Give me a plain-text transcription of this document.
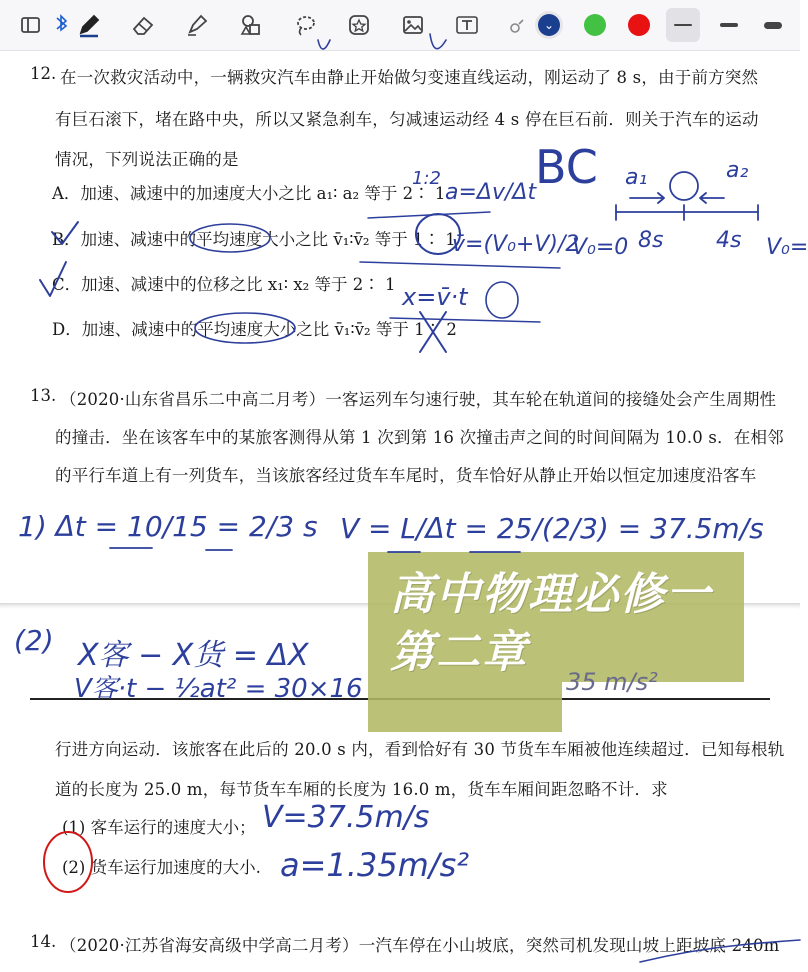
⌄
12. 在一次救灾活动中，一辆救灾汽车由静止开始做匀变速直线运动，刚运动了 8 s，由于前方突然
有巨石滚下，堵在路中央，所以又紧急刹车，匀减速运动经 4 s 停在巨石前．则关于汽车的运动
情况，下列说法正确的是
A．加速、减速中的加速度大小之比 a₁∶ a₂ 等于 2∶ 1
B．加速、减速中的平均速度大小之比 v̄₁∶v̄₂ 等于 1∶ 1
C．加速、减速中的位移之比 x₁∶ x₂ 等于 2∶ 1
D．加速、减速中的平均速度大小之比 v̄₁∶v̄₂ 等于 1∶ 2
13. （2020·山东省昌乐二中高二月考）一客运列车匀速行驶，其车轮在轨道间的接缝处会产生周期性
的撞击．坐在该客车中的某旅客测得从第 1 次到第 16 次撞击声之间的时间间隔为 10.0 s．在相邻
的平行车道上有一列货车，当该旅客经过货车车尾时，货车恰好从静止开始以恒定加速度沿客车
行进方向运动．该旅客在此后的 20.0 s 内，看到恰好有 30 节货车车厢被他连续超过．已知每根轨
道的长度为 25.0 m，每节货车车厢的长度为 16.0 m，货车车厢间距忽略不计．求
(1) 客车运行的速度大小；
(2) 货车运行加速度的大小.
14. （2020·江苏省海安高级中学高二月考）一汽车停在小山坡底，突然司机发现山坡上距坡底 240m
高中物理必修一
第二章
BC a₁	a₂
V₀=0 8s 4s V₀=
1:2
a=Δv/Δt
v̄=(V₀+V)/2
x=v̄·t
1) Δt = 10/15 = 2/3 s V = L/Δt = 25/(2/3) = 37.5m/s
(2) X客 − X货 = ΔX
V客·t − ½at² = 30×16	35 m/s²
V=37.5m/s
a=1.35m/s²
